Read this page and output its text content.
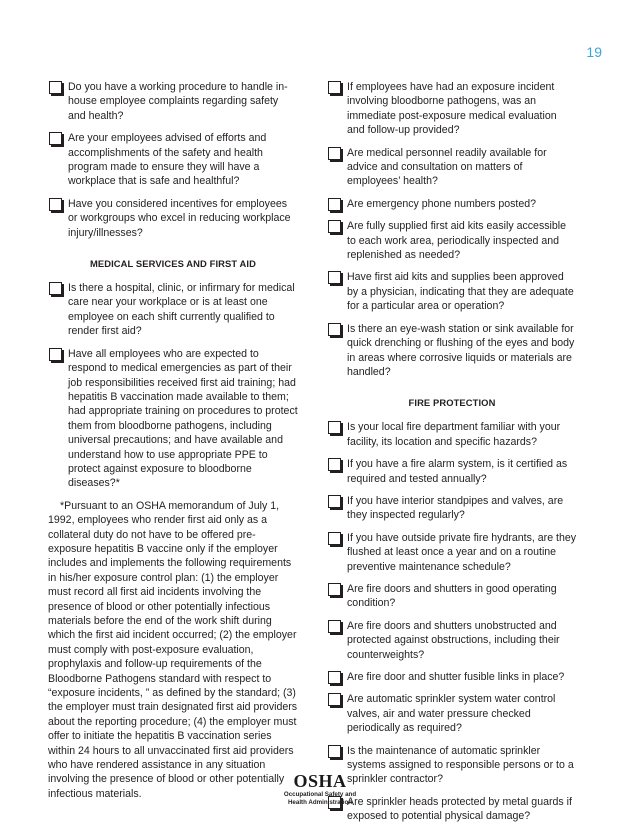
19
Do you have a working procedure to handle in-house employee complaints regarding safety and health?
Are your employees advised of efforts and accomplishments of the safety and health program made to ensure they will have a workplace that is safe and healthful?
Have you considered incentives for employees or workgroups who excel in reducing workplace injury/illnesses?
MEDICAL SERVICES AND FIRST AID
Is there a hospital, clinic, or infirmary for medical care near your workplace or is at least one employee on each shift currently qualified to render first aid?
Have all employees who are expected to respond to medical emergencies as part of their job responsibilities received first aid training; had hepatitis B vaccination made available to them; had appropriate training on procedures to protect them from bloodborne pathogens, including universal precautions; and have available and understand how to use appropriate PPE to protect against exposure to bloodborne diseases?*

*Pursuant to an OSHA memorandum of July 1, 1992, employees who render first aid only as a collateral duty do not have to be offered pre-exposure hepatitis B vaccine only if the employer includes and implements the following requirements in his/her exposure control plan: (1) the employer must record all first aid incidents involving the presence of blood or other potentially infectious materials before the end of the work shift during which the first aid incident occurred; (2) the employer must comply with post-exposure evaluation, prophylaxis and follow-up requirements of the Bloodborne Pathogens standard with respect to “exposure incidents, ” as defined by the standard; (3) the employer must train designated first aid providers about the reporting procedure; (4) the employer must offer to initiate the hepatitis B vaccination series within 24 hours to all unvaccinated first aid providers who have rendered assistance in any situation involving the presence of blood or other potentially infectious materials.

If employees have had an exposure incident involving bloodborne pathogens, was an immediate post-exposure medical evaluation and follow-up provided?
Are medical personnel readily available for advice and consultation on matters of employees’ health?
Are emergency phone numbers posted?
Are fully supplied first aid kits easily accessible to each work area, periodically inspected and replenished as needed?
Have first aid kits and supplies been approved by a physician, indicating that they are adequate for a particular area or operation?
Is there an eye-wash station or sink available for quick drenching or flushing of the eyes and body in areas where corrosive liquids or materials are handled?
FIRE PROTECTION
Is your local fire department familiar with your facility, its location and specific hazards?
If you have a fire alarm system, is it certified as required and tested annually?
If you have interior standpipes and valves, are they inspected regularly?
If you have outside private fire hydrants, are they flushed at least once a year and on a routine preventive maintenance schedule?
Are fire doors and shutters in good operating condition?
Are fire doors and shutters unobstructed and protected against obstructions, including their counterweights?
Are fire door and shutter fusible links in place?
Are automatic sprinkler system water control valves, air and water pressure checked periodically as required?
Is the maintenance of automatic sprinkler systems assigned to responsible persons or to a sprinkler contractor?
Are sprinkler heads protected by metal guards if exposed to potential physical damage?
OSHA
Occupational Safety and
Health Administration
